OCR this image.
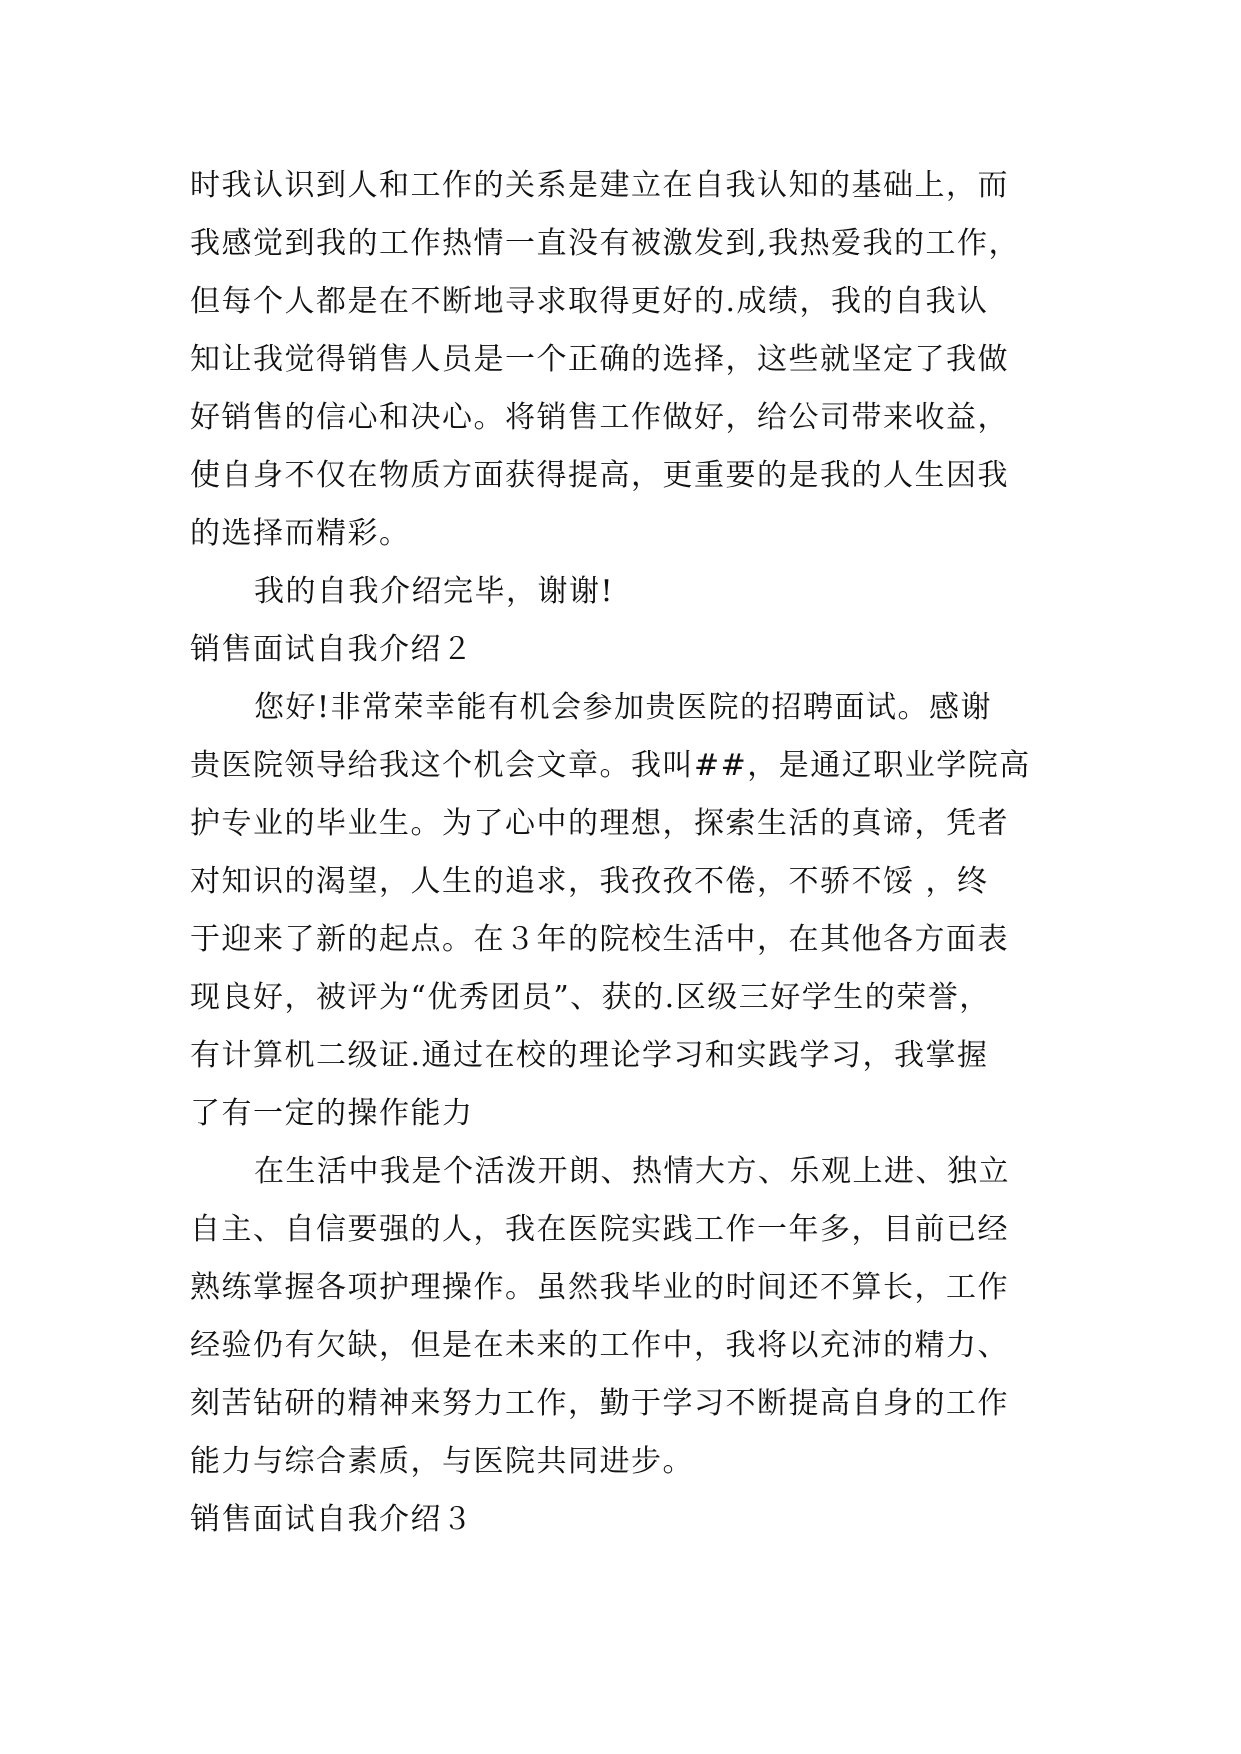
时我认识到人和工作的关系是建立在自我认知的基础上，而
我感觉到我的工作热情一直没有被激发到,我热爱我的工作，
但每个人都是在不断地寻求取得更好的.成绩，我的自我认
知让我觉得销售人员是一个正确的选择，这些就坚定了我做
好销售的信心和决心。将销售工作做好，给公司带来收益，
使自身不仅在物质方面获得提高，更重要的是我的人生因我
的选择而精彩。
我的自我介绍完毕，谢谢!
销售面试自我介绍２
您好!非常荣幸能有机会参加贵医院的招聘面试。感谢
贵医院领导给我这个机会文章。我叫##，是通辽职业学院高
护专业的毕业生。为了心中的理想，探索生活的真谛，凭者
对知识的渴望，人生的追求，我孜孜不倦，不骄不馁 ，终
于迎来了新的起点。在３年的院校生活中，在其他各方面表
现良好，被评为“优秀团员”、获的.区级三好学生的荣誉，
有计算机二级证.通过在校的理论学习和实践学习，我掌握
了有一定的操作能力
在生活中我是个活泼开朗、热情大方、乐观上进、独立
自主、自信要强的人，我在医院实践工作一年多，目前已经
熟练掌握各项护理操作。虽然我毕业的时间还不算长，工作
经验仍有欠缺，但是在未来的工作中，我将以充沛的精力、
刻苦钻研的精神来努力工作，勤于学习不断提高自身的工作
能力与综合素质，与医院共同进步。
销售面试自我介绍３
